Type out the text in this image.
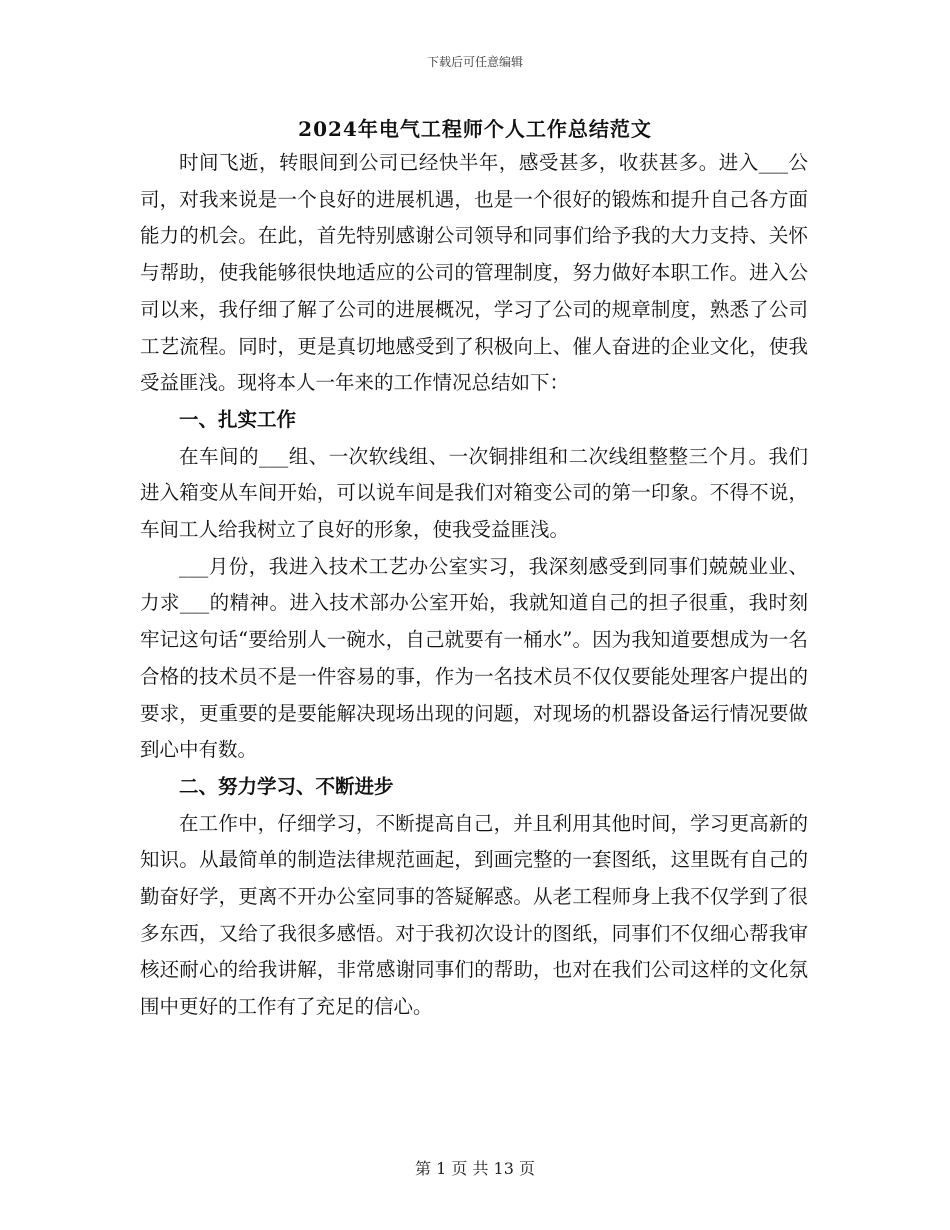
下载后可任意编辑
2024年电气工程师个人工作总结范文

时间飞逝，转眼间到公司已经快半年，感受甚多，收获甚多。进入___公司，对我来说是一个良好的进展机遇，也是一个很好的锻炼和提升自己各方面能力的机会。在此，首先特别感谢公司领导和同事们给予我的大力支持、关怀与帮助，使我能够很快地适应的公司的管理制度，努力做好本职工作。进入公司以来，我仔细了解了公司的进展概况，学习了公司的规章制度，熟悉了公司工艺流程。同时，更是真切地感受到了积极向上、催人奋进的企业文化，使我受益匪浅。现将本人一年来的工作情况总结如下：

一、扎实工作

在车间的___组、一次软线组、一次铜排组和二次线组整整三个月。我们进入箱变从车间开始，可以说车间是我们对箱变公司的第一印象。不得不说，车间工人给我树立了良好的形象，使我受益匪浅。

___月份，我进入技术工艺办公室实习，我深刻感受到同事们兢兢业业、力求___的精神。进入技术部办公室开始，我就知道自己的担子很重，我时刻牢记这句话“要给别人一碗水，自己就要有一桶水”。因为我知道要想成为一名合格的技术员不是一件容易的事，作为一名技术员不仅仅要能处理客户提出的要求，更重要的是要能解决现场出现的问题，对现场的机器设备运行情况要做到心中有数。

二、努力学习、不断进步

在工作中，仔细学习，不断提高自己，并且利用其他时间，学习更高新的知识。从最简单的制造法律规范画起，到画完整的一套图纸，这里既有自己的勤奋好学，更离不开办公室同事的答疑解惑。从老工程师身上我不仅学到了很多东西，又给了我很多感悟。对于我初次设计的图纸，同事们不仅细心帮我审核还耐心的给我讲解，非常感谢同事们的帮助，也对在我们公司这样的文化氛围中更好的工作有了充足的信心。

第 1 页 共 13 页
